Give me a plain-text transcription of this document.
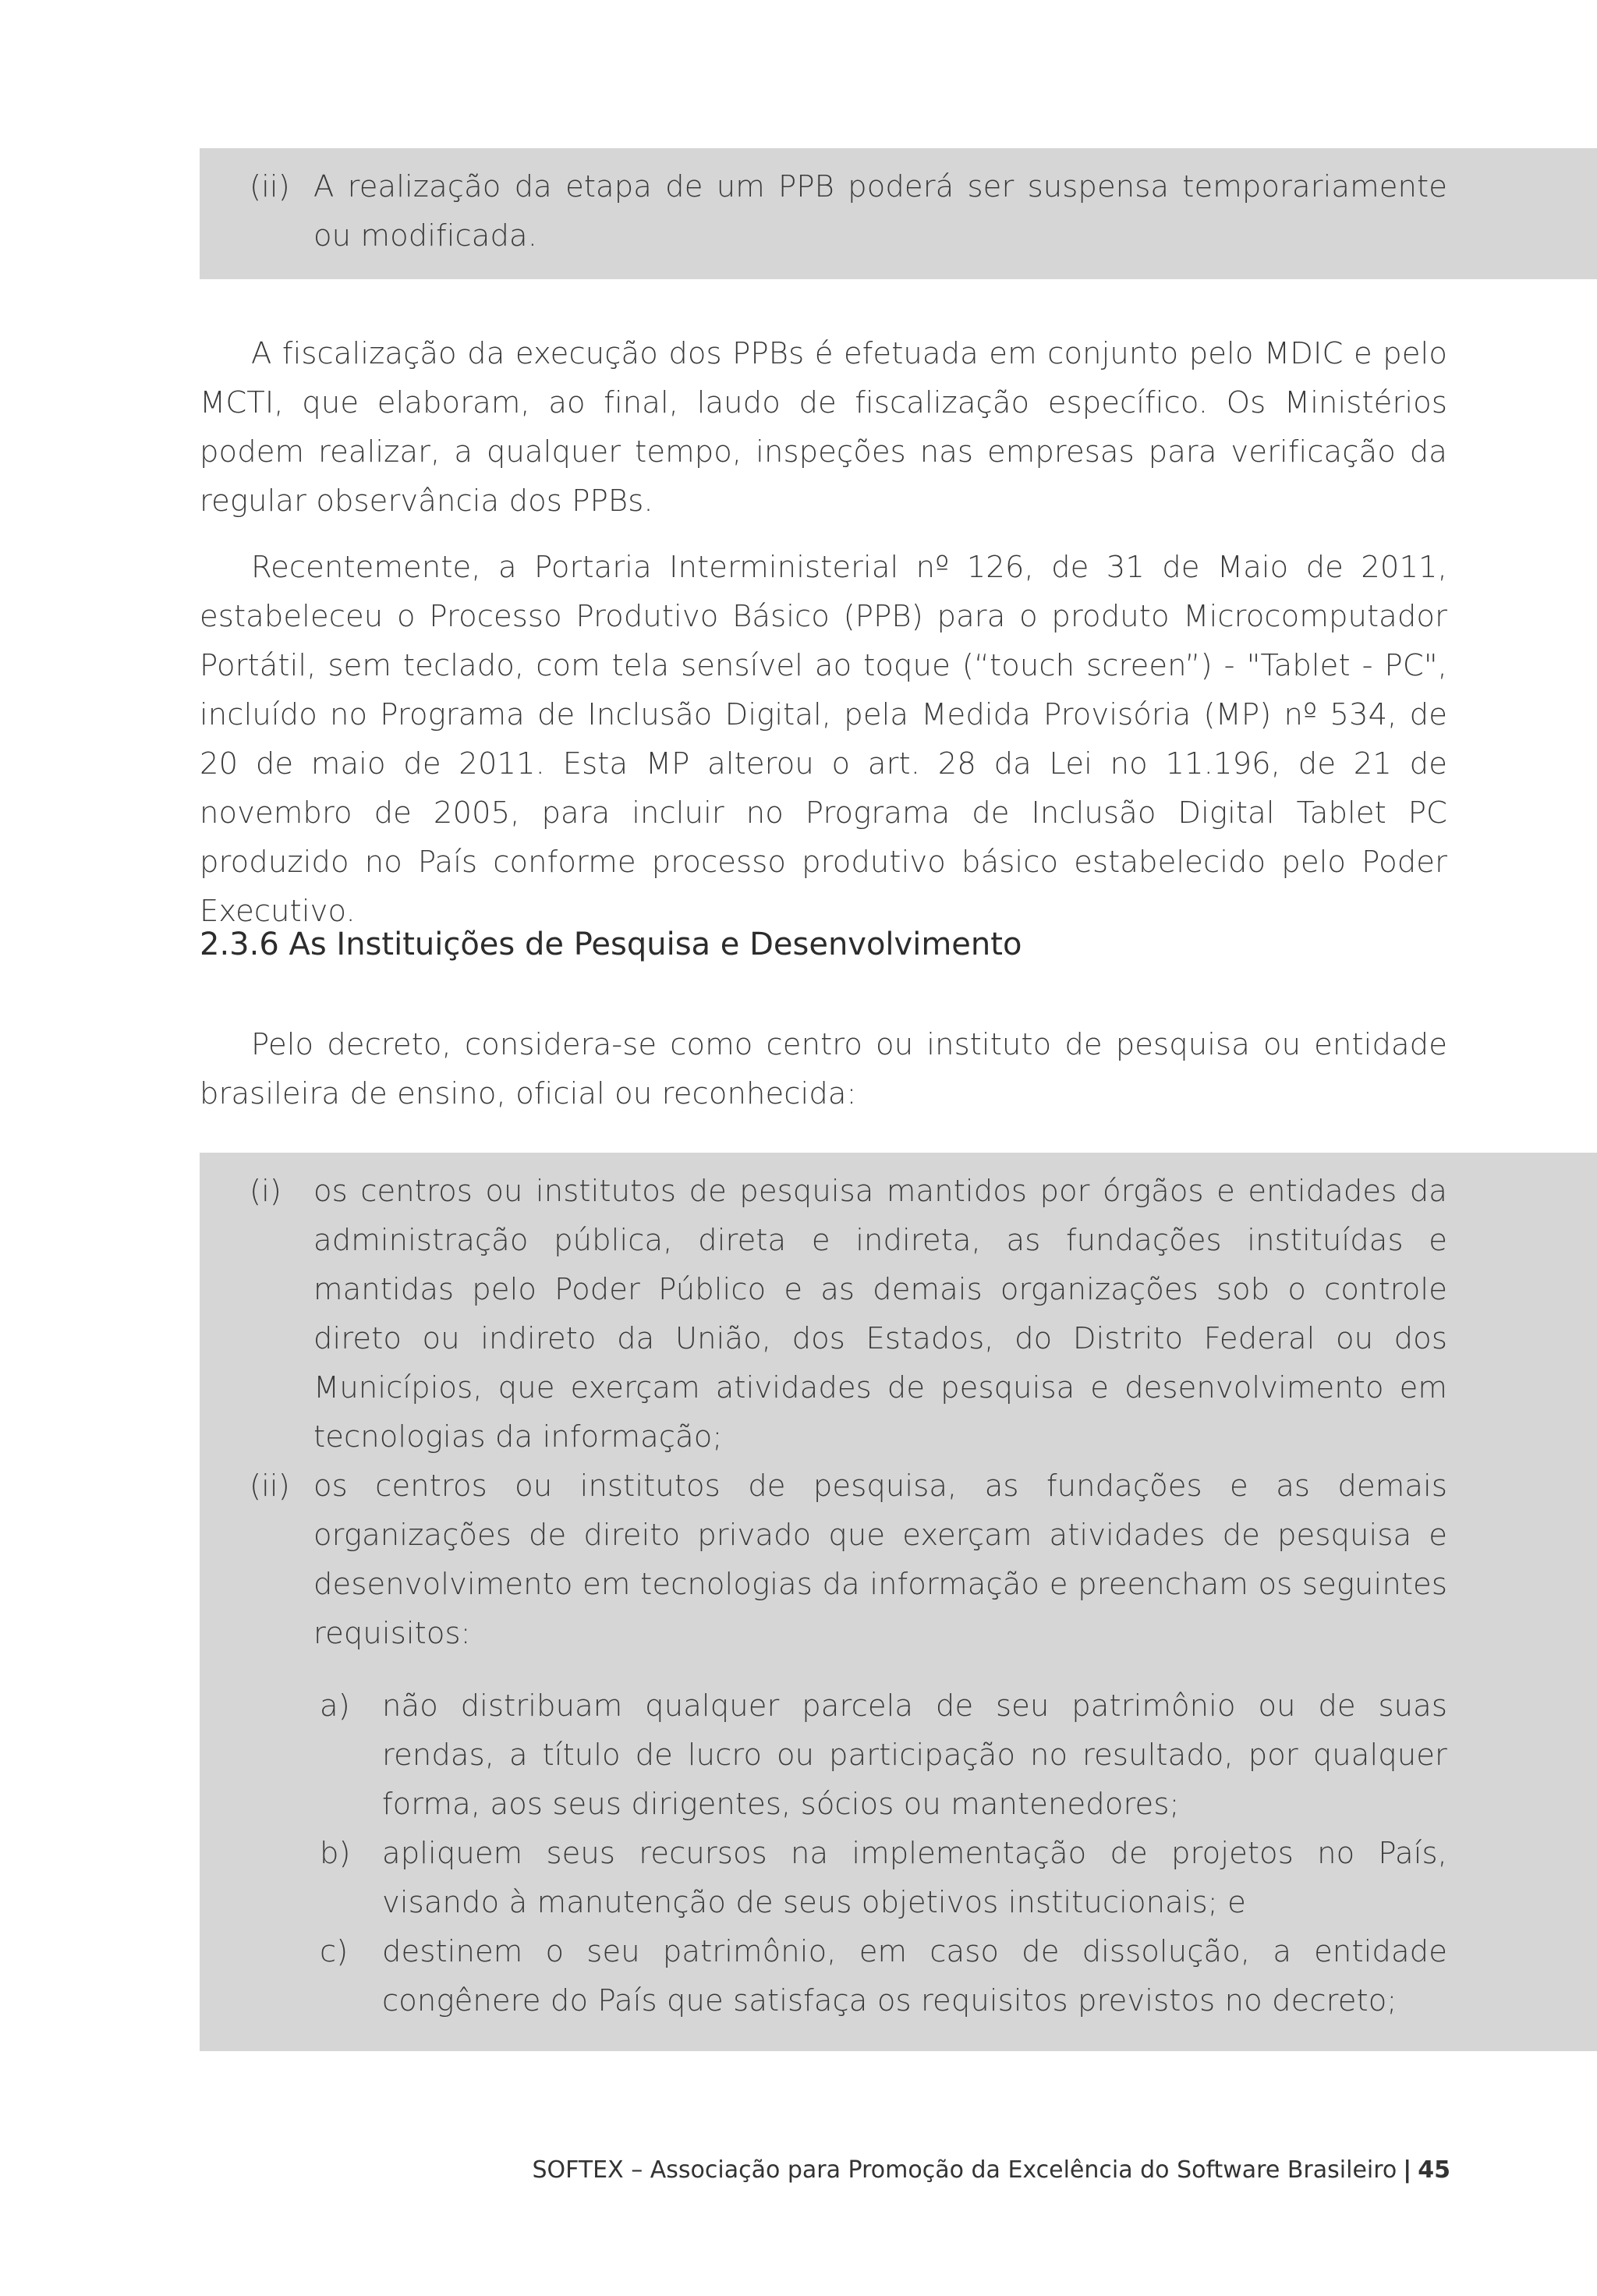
(ii) A realização da etapa de um PPB poderá ser suspensa temporariamente ou modificada.
A fiscalização da execução dos PPBs é efetuada em conjunto pelo MDIC e pelo MCTI, que elaboram, ao final, laudo de fiscalização específico. Os Ministérios podem realizar, a qualquer tempo, inspeções nas empresas para verificação da regular observância dos PPBs.
Recentemente, a Portaria Interministerial nº 126, de 31 de Maio de 2011, estabeleceu o Processo Produtivo Básico (PPB) para o produto Microcomputador Portátil, sem teclado, com tela sensível ao toque (“touch screen”) - "Tablet - PC", incluído no Programa de Inclusão Digital, pela Medida Provisória (MP) nº 534, de 20 de maio de 2011. Esta MP alterou o art. 28 da Lei no 11.196, de 21 de novembro de 2005, para incluir no Programa de Inclusão Digital Tablet PC produzido no País conforme processo produtivo básico estabelecido pelo Poder Executivo.
2.3.6 As Instituições de Pesquisa e Desenvolvimento
Pelo decreto, considera-se como centro ou instituto de pesquisa ou entidade brasileira de ensino, oficial ou reconhecida:
(i) os centros ou institutos de pesquisa mantidos por órgãos e entidades da administração pública, direta e indireta, as fundações instituídas e mantidas pelo Poder Público e as demais organizações sob o controle direto ou indireto da União, dos Estados, do Distrito Federal ou dos Municípios, que exerçam atividades de pesquisa e desenvolvimento em tecnologias da informação;
(ii) os centros ou institutos de pesquisa, as fundações e as demais organizações de direito privado que exerçam atividades de pesquisa e desenvolvimento em tecnologias da informação e preencham os seguintes requisitos:
a) não distribuam qualquer parcela de seu patrimônio ou de suas rendas, a título de lucro ou participação no resultado, por qualquer forma, aos seus dirigentes, sócios ou mantenedores;
b) apliquem seus recursos na implementação de projetos no País, visando à manutenção de seus objetivos institucionais; e
c) destinem o seu patrimônio, em caso de dissolução, a entidade congênere do País que satisfaça os requisitos previstos no decreto;
SOFTEX – Associação para Promoção da Excelência do Software Brasileiro | 45
